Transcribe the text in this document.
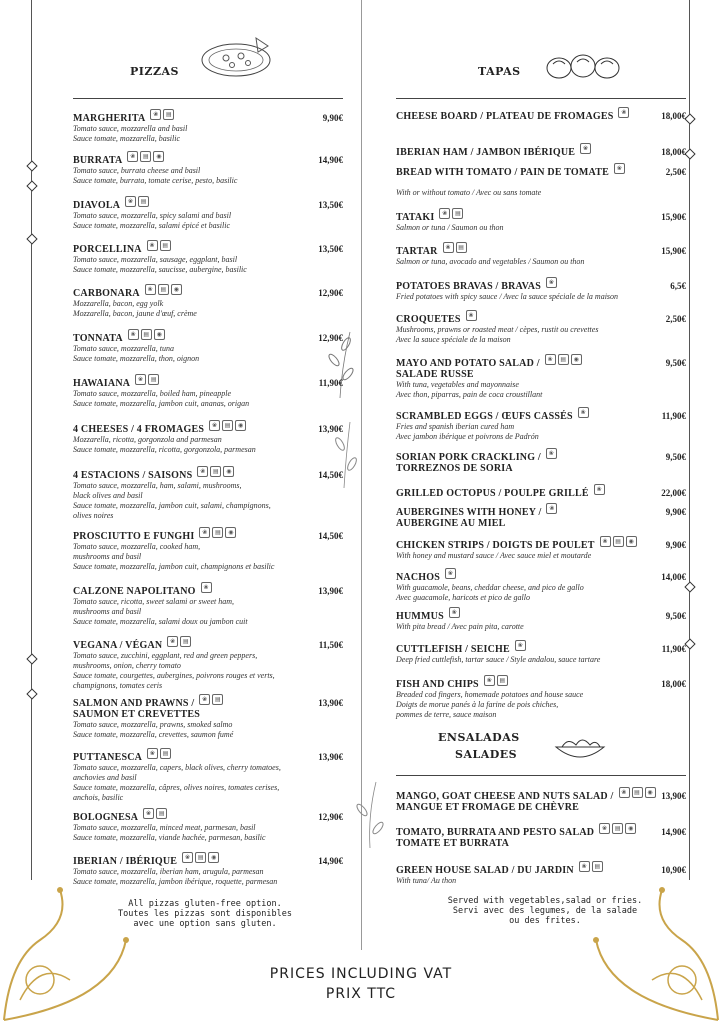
PIZZAS
MARGHERITA	❀	▤	9,90€
Tomato sauce, mozzarella and basil
Sauce tomate, mozzarella, basilic
BURRATA	❀	▤	◉	14,90€
Tomato sauce, burrata cheese and basil
Sauce tomate, burrata, tomate cerise, pesto, basilic
DIAVOLA	❀	▤	13,50€
Tomato sauce, mozzarella, spicy salami and basil
Sauce tomate, mozzarella, salami épicé et basilic
PORCELLINA	❀	▤	13,50€
Tomato sauce, mozzarella, sausage, eggplant, basil
Sauce tomate, mozzarella, saucisse, aubergine, basilic
CARBONARA	❀	▤	◉	12,90€
Mozzarella, bacon, egg yolk
Mozzarella, bacon, jaune d'œuf, crème
TONNATA	❀	▤	◉	12,90€
Tomato sauce, mozzarella, tuna
Sauce tomate, mozzarella, thon, oignon
HAWAIANA	❀	▤	11,90€
Tomato sauce, mozzarella, boiled ham, pineapple
Sauce tomate, mozzarella, jambon cuit, ananas, origan
4 CHEESES / 4 FROMAGES	❀	▤	◉	13,90€
Mozzarella, ricotta, gorgonzola and parmesan
Sauce tomate, mozzarella, ricotta, gorgonzola, parmesan
4 ESTACIONS / SAISONS	❀	▤	◉	14,50€
Tomato sauce, mozzarella, ham, salami, mushrooms,
black olives and basil
Sauce tomate, mozzarella, jambon cuit, salami, champignons,
olives noires
PROSCIUTTO E FUNGHI	❀	▤	◉	14,50€
Tomato sauce, mozzarella, cooked ham,
mushrooms and basil
Sauce tomate, mozzarella, jambon cuit, champignons et basilic
CALZONE NAPOLITANO	❀	13,90€
Tomato sauce, ricotta, sweet salami or sweet ham,
mushrooms and basil
Sauce tomate, mozzarella, salami doux ou jambon cuit
VEGANA / VÉGAN	❀	▤	11,50€
Tomato sauce, zucchini, eggplant, red and green peppers,
mushrooms, onion, cherry tomato
Sauce tomate, courgettes, aubergines, poivrons rouges et verts,
champignons, tomates ceris
SALMON AND PRAWNS /	❀	▤	13,90€
SAUMON ET CREVETTES
Tomato sauce, mozzarella, prawns, smoked salmo
Sauce tomate, mozzarella, crevettes, saumon fumé
PUTTANESCA	❀	▤	13,90€
Tomato sauce, mozzarella, capers, black olives, cherry tomatoes,
anchovies and basil
Sauce tomate, mozzarella, câpres, olives noires, tomates cerises,
anchois, basilic
BOLOGNESA	❀	▤	12,90€
Tomato sauce, mozzarella, minced meat, parmesan, basil
Sauce tomate, mozzarella, viande hachée, parmesan, basilic
IBERIAN / IBÉRIQUE	❀	▤	◉	14,90€
Tomato sauce, mozzarella, iberian ham, arugula, parmesan
Sauce tomate, mozzarella, jambon ibérique, roquette, parmesan
All pizzas gluten-free option.
Toutes les pizzas sont disponibles
avec une option sans gluten.
TAPAS
CHEESE BOARD / PLATEAU DE FROMAGES	❀	18,00€
IBERIAN HAM / JAMBON IBÉRIQUE	❀	18,00€
BREAD WITH TOMATO / PAIN DE TOMATE	❀	2,50€

With or without tomato / Avec ou sans tomate
TATAKI	❀	▤	15,90€
Salmon or tuna / Saumon ou thon
TARTAR	❀	▤	15,90€
Salmon or tuna, avocado and vegetables / Saumon ou thon
POTATOES BRAVAS / BRAVAS	❀	6,5€
Fried potatoes with spicy sauce / Avec la sauce spéciale de la maison
CROQUETES	❀	2,50€
Mushrooms, prawns or roasted meat / cèpes, rustit ou crevettes
Avec la sauce spéciale de la maison
MAYO AND POTATO SALAD /	❀	▤	◉	9,50€
SALADE RUSSE
With tuna, vegetables and mayonnaise
Avec thon, piparras, pain de coca croustillant
SCRAMBLED EGGS / ŒUFS CASSÉS	❀	11,90€
Fries and spanish iberian cured ham
Avec jambon ibérique et poivrons de Padrón
SORIAN PORK CRACKLING /	❀	9,50€
TORREZNOS DE SORIA
GRILLED OCTOPUS / POULPE GRILLÉ	❀	22,00€
AUBERGINES WITH HONEY /	❀	9,90€
AUBERGINE AU MIEL
CHICKEN STRIPS / DOIGTS DE POULET	❀	▤	◉	9,90€
With honey and mustard sauce / Avec sauce miel et moutarde
NACHOS	❀	14,00€
With guacamole, beans, cheddar cheese, and pico de gallo
Avec guacamole, haricots et pico de gallo
HUMMUS	❀	9,50€
With pita bread / Avec pain pita, carotte
CUTTLEFISH / SEICHE	❀	11,90€
Deep fried cuttlefish, tartar sauce / Style andalou, sauce tartare
FISH AND CHIPS	❀	▤	18,00€
Breaded cod fingers, homemade potatoes and house sauce
Doigts de morue panés à la farine de pois chiches,
pommes de terre, sauce maison
ENSALADAS
SALADES
MANGO, GOAT CHEESE AND NUTS SALAD /	❀	▤	◉ 13,90€
MANGUE ET FROMAGE DE CHÈVRE
TOMATO, BURRATA AND PESTO SALAD	❀	▤	◉	14,90€
TOMATE ET BURRATA
GREEN HOUSE SALAD / DU JARDIN	❀	▤	10,90€
With tuna/ Au thon
Served with vegetables,salad or fries.
Servi avec des legumes, de la salade
ou des frites.
PRICES INCLUDING VAT
PRIX TTC
